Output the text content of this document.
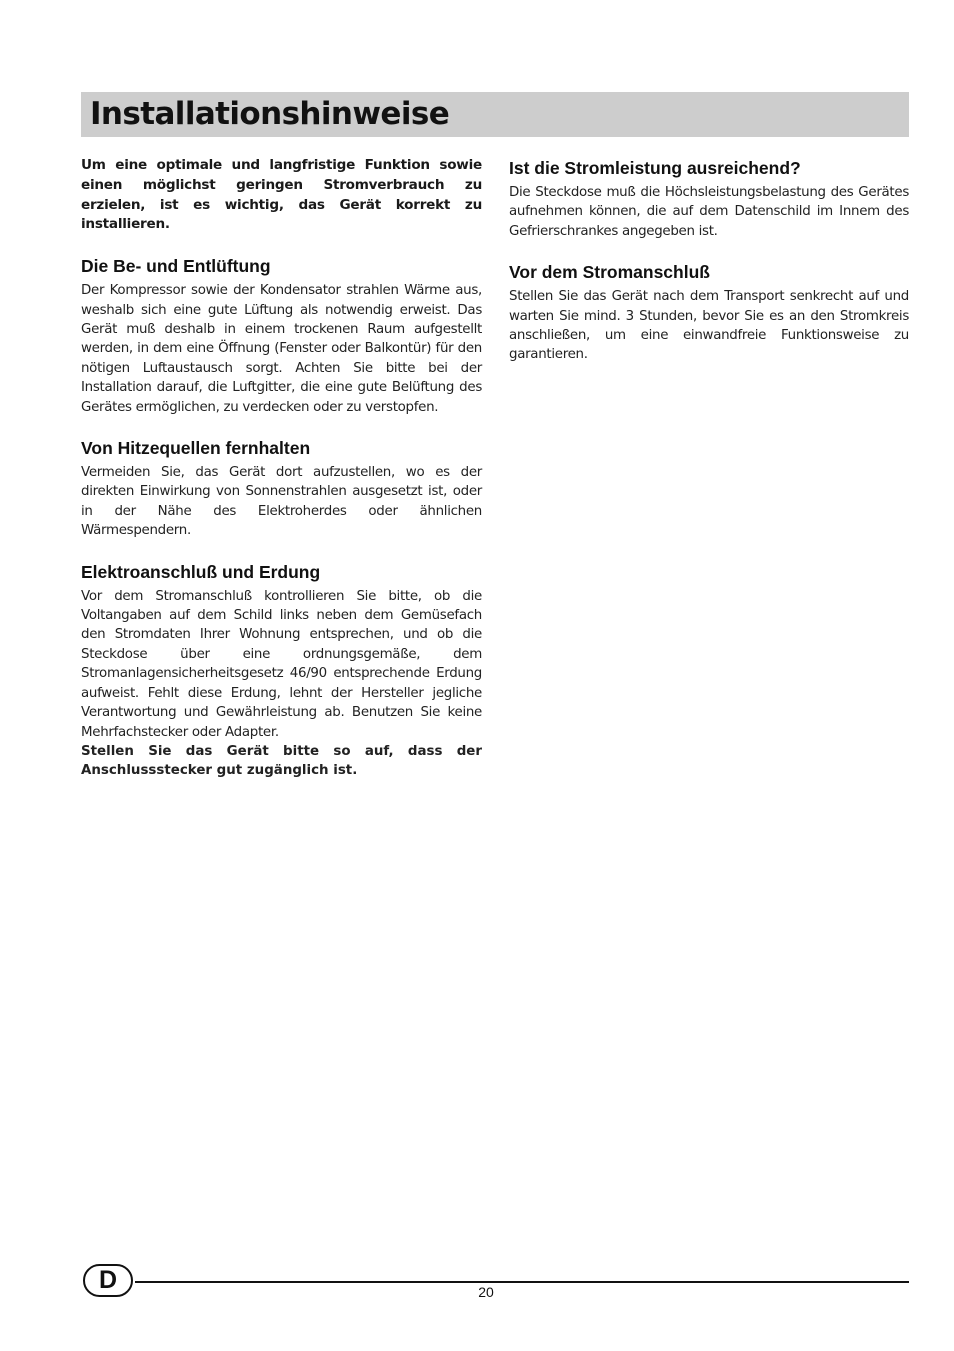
Installationshinweise

Um eine optimale und langfristige Funktion sowie einen möglichst geringen Stromverbrauch zu erzielen, ist es wichtig, das Gerät korrekt zu installieren.

Die Be- und Entlüftung

Der Kompressor sowie der Kondensator strahlen Wärme aus, weshalb sich eine gute Lüftung als notwendig erweist. Das Gerät muß deshalb in einem trockenen Raum aufgestellt werden, in dem eine Öffnung (Fenster oder Balkontür) für den nötigen Luftaustausch sorgt. Achten Sie bitte bei der Installation darauf, die Luftgitter, die eine gute Belüftung des Gerätes ermöglichen, zu verdecken oder zu verstopfen.

Von Hitzequellen fernhalten

Vermeiden Sie, das Gerät dort aufzustellen, wo es der direkten Einwirkung von Sonnenstrahlen ausgesetzt ist, oder in der Nähe des Elektroherdes oder ähnlichen Wärmespendern.

Elektroanschluß und Erdung

Vor dem Stromanschluß kontrollieren Sie bitte, ob die Voltangaben auf dem Schild links neben dem Gemüsefach den Stromdaten Ihrer Wohnung entsprechen, und ob die Steckdose über eine ordnungsgemäße, dem Stromanlagensicherheitsgesetz 46/90 entsprechende Erdung aufweist. Fehlt diese Erdung, lehnt der Hersteller jegliche Verantwortung und Gewährleistung ab. Benutzen Sie keine Mehrfachstecker oder Adapter.

Stellen Sie das Gerät bitte so auf, dass der Anschlussstecker gut zugänglich ist.

Ist die Stromleistung ausreichend?

Die Steckdose muß die Höchsleistungsbelastung des Gerätes aufnehmen können, die auf dem Datenschild im Innem des Gefrierschrankes angegeben ist.

Vor dem Stromanschluß

Stellen Sie das Gerät nach dem Transport senkrecht auf und warten Sie mind. 3 Stunden, bevor Sie es an den Stromkreis anschließen, um eine einwandfreie Funktionsweise zu garantieren.

D	20
